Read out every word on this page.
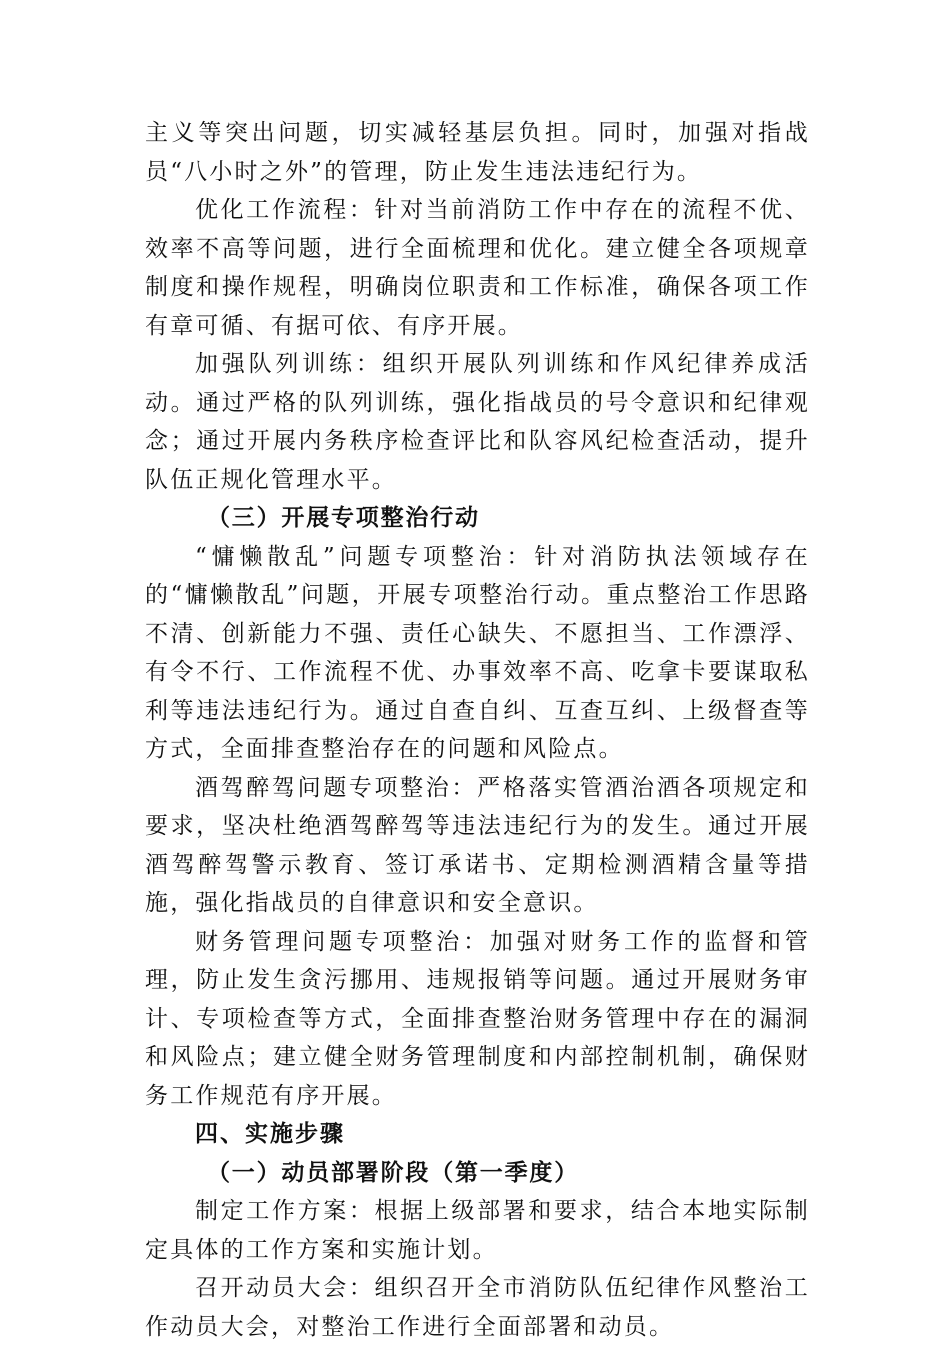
主义等突出问题，切实减轻基层负担。同时，加强对指战员“八小时之外”的管理，防止发生违法违纪行为。

优化工作流程：针对当前消防工作中存在的流程不优、效率不高等问题，进行全面梳理和优化。建立健全各项规章制度和操作规程，明确岗位职责和工作标准，确保各项工作有章可循、有据可依、有序开展。

加强队列训练：组织开展队列训练和作风纪律养成活动。通过严格的队列训练，强化指战员的号令意识和纪律观念；通过开展内务秩序检查评比和队容风纪检查活动，提升队伍正规化管理水平。

（三）开展专项整治行动

“慵懒散乱”问题专项整治：针对消防执法领域存在的“慵懒散乱”问题，开展专项整治行动。重点整治工作思路不清、创新能力不强、责任心缺失、不愿担当、工作漂浮、有令不行、工作流程不优、办事效率不高、吃拿卡要谋取私利等违法违纪行为。通过自查自纠、互查互纠、上级督查等方式，全面排查整治存在的问题和风险点。

酒驾醉驾问题专项整治：严格落实管酒治酒各项规定和要求，坚决杜绝酒驾醉驾等违法违纪行为的发生。通过开展酒驾醉驾警示教育、签订承诺书、定期检测酒精含量等措施，强化指战员的自律意识和安全意识。

财务管理问题专项整治：加强对财务工作的监督和管理，防止发生贪污挪用、违规报销等问题。通过开展财务审计、专项检查等方式，全面排查整治财务管理中存在的漏洞和风险点；建立健全财务管理制度和内部控制机制，确保财务工作规范有序开展。

四、实施步骤

（一）动员部署阶段（第一季度）

制定工作方案：根据上级部署和要求，结合本地实际制定具体的工作方案和实施计划。

召开动员大会：组织召开全市消防队伍纪律作风整治工作动员大会，对整治工作进行全面部署和动员。
